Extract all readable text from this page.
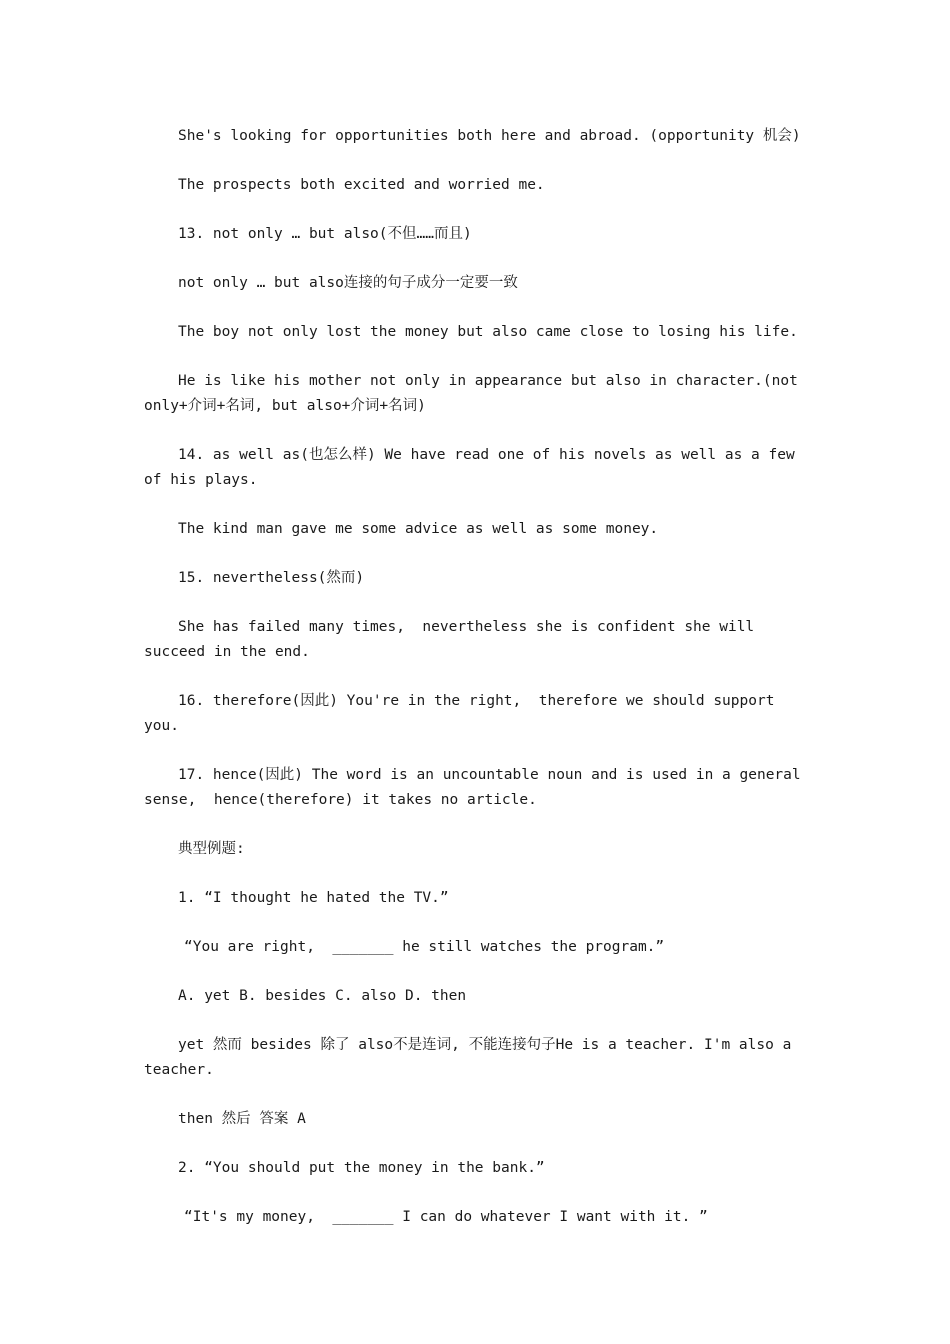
She's looking for opportunities both here and abroad. (opportunity 机会)

The prospects both excited and worried me.

13. not only … but also(不但……而且)

not only … but also连接的句子成分一定要一致

The boy not only lost the money but also came close to losing his life.

He is like his mother not only in appearance but also in character.(not only+介词+名词, but also+介词+名词)

14. as well as(也怎么样) We have read one of his novels as well as a few of his plays.

The kind man gave me some advice as well as some money.

15. nevertheless(然而)

She has failed many times,  nevertheless she is confident she will succeed in the end.

16. therefore(因此) You're in the right,  therefore we should support you.

17. hence(因此) The word is an uncountable noun and is used in a general sense,  hence(therefore) it takes no article.

典型例题:

1. “I thought he hated the TV.”

“You are right,  _______ he still watches the program.”

A. yet B. besides C. also D. then

yet 然而 besides 除了 also不是连词, 不能连接句子He is a teacher. I'm also a teacher.

then 然后 答案 A

2. “You should put the money in the bank.”

“It's my money,  _______ I can do whatever I want with it. ”
